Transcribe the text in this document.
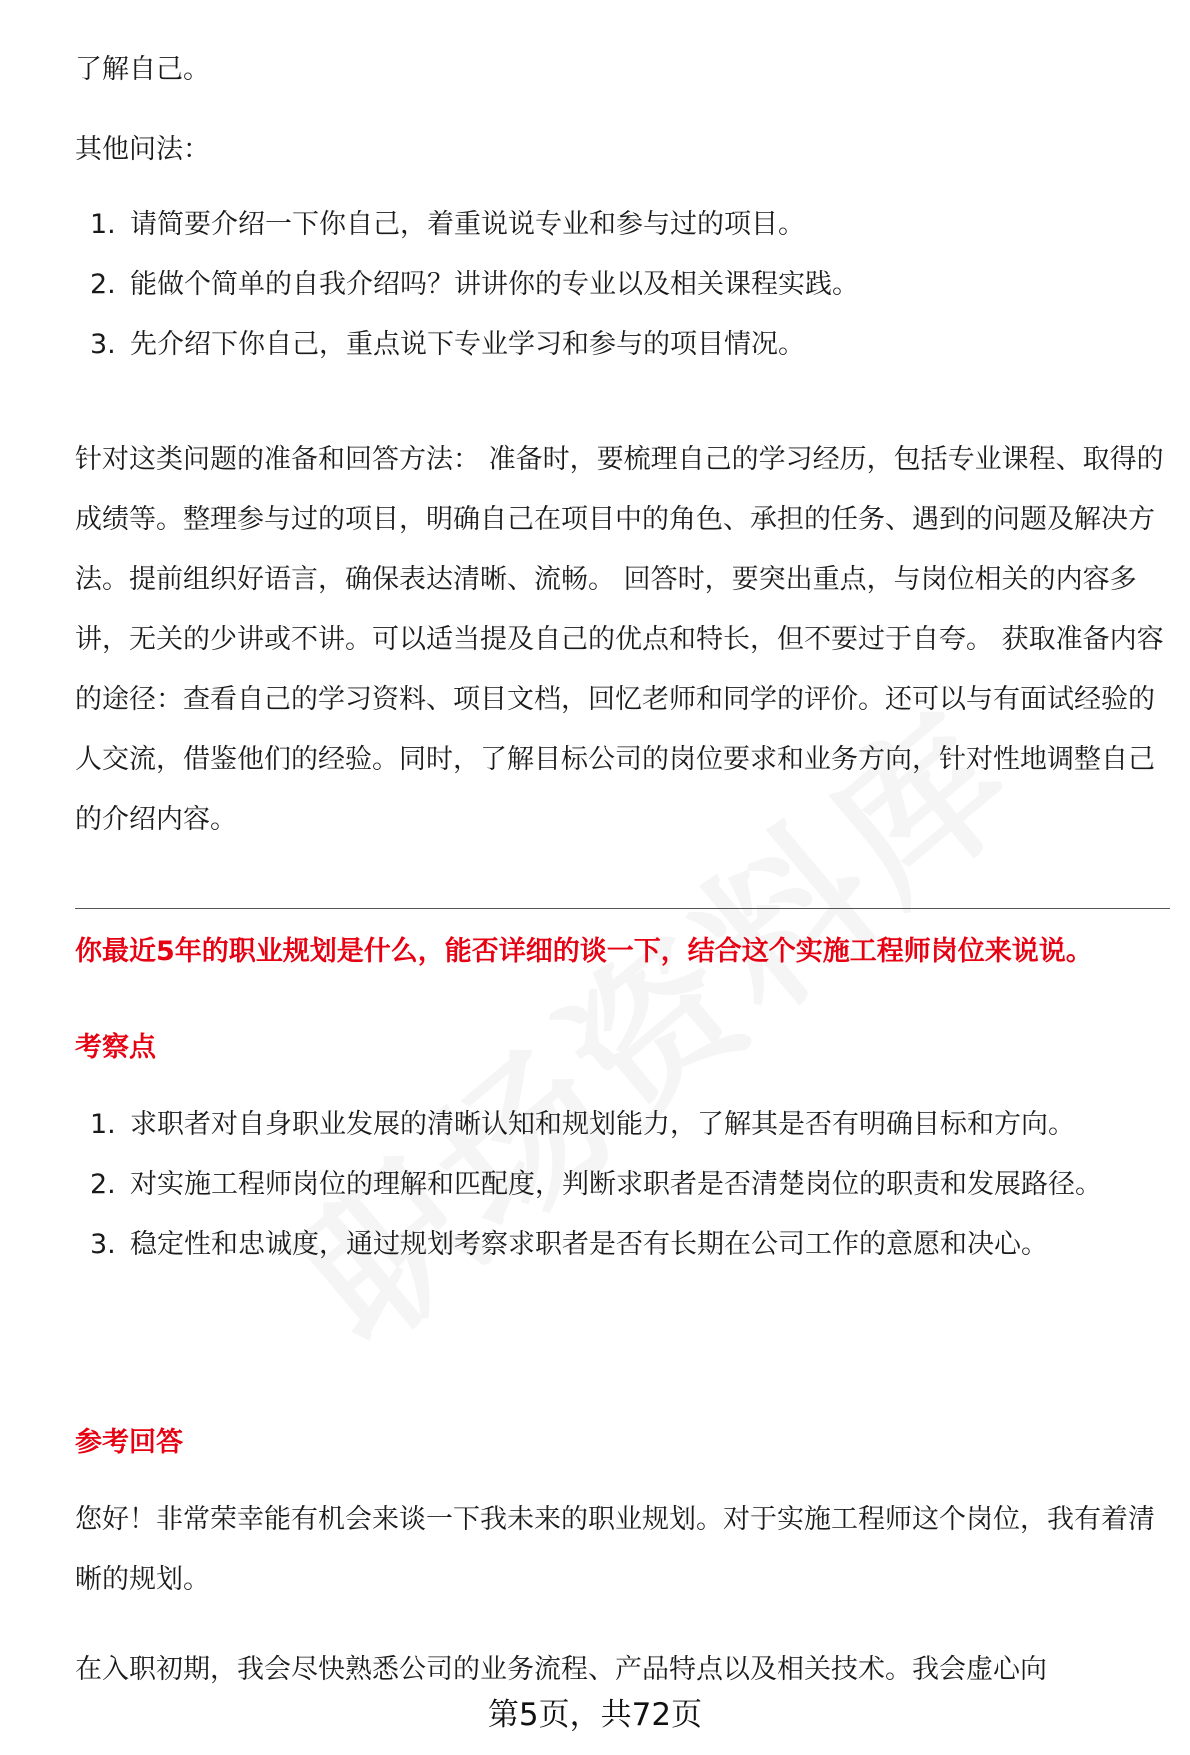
了解自己。

其他问法：

1. 请简要介绍一下你自己，着重说说专业和参与过的项目。
2. 能做个简单的自我介绍吗？讲讲你的专业以及相关课程实践。
3. 先介绍下你自己，重点说下专业学习和参与的项目情况。

针对这类问题的准备和回答方法： 准备时，要梳理自己的学习经历，包括专业课程、取得的成绩等。整理参与过的项目，明确自己在项目中的角色、承担的任务、遇到的问题及解决方法。提前组织好语言，确保表达清晰、流畅。 回答时，要突出重点，与岗位相关的内容多讲，无关的少讲或不讲。可以适当提及自己的优点和特长，但不要过于自夸。 获取准备内容的途径：查看自己的学习资料、项目文档，回忆老师和同学的评价。还可以与有面试经验的人交流，借鉴他们的经验。同时，了解目标公司的岗位要求和业务方向，针对性地调整自己的介绍内容。

你最近5年的职业规划是什么，能否详细的谈一下，结合这个实施工程师岗位来说说。

考察点

1. 求职者对自身职业发展的清晰认知和规划能力，了解其是否有明确目标和方向。
2. 对实施工程师岗位的理解和匹配度，判断求职者是否清楚岗位的职责和发展路径。
3. 稳定性和忠诚度，通过规划考察求职者是否有长期在公司工作的意愿和决心。

参考回答

您好！非常荣幸能有机会来谈一下我未来的职业规划。对于实施工程师这个岗位，我有着清晰的规划。

在入职初期，我会尽快熟悉公司的业务流程、产品特点以及相关技术。我会虚心向

第5页，共72页
